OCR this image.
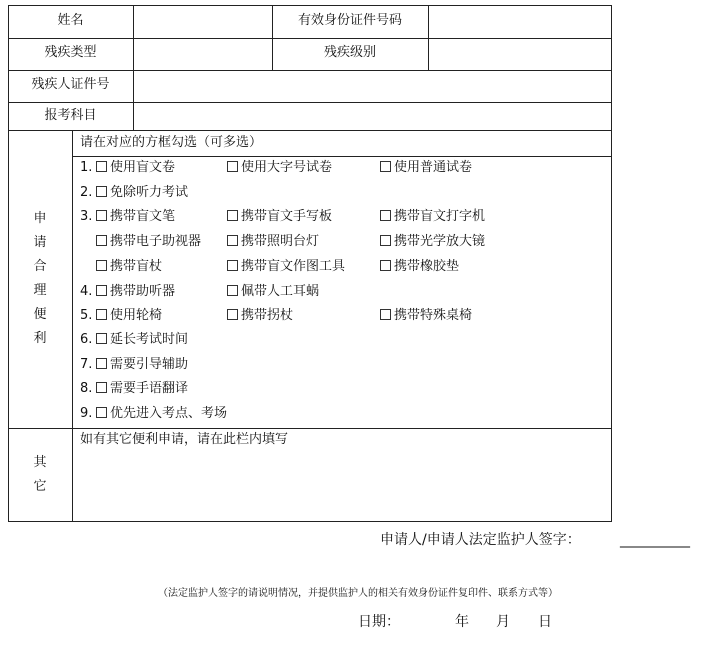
姓名	有效身份证件号码
残疾类型	残疾级别
残疾人证件号
报考科目
申
请
合
理
便
利
请在对应的方框勾选（可多选）
1.	使用盲文卷	使用大字号试卷	使用普通试卷
2.	免除听力考试
3.	携带盲文笔	携带盲文手写板	携带盲文打字机
携带电子助视器	携带照明台灯	携带光学放大镜
携带盲杖	携带盲文作图工具	携带橡胶垫
4.	携带助听器	佩带人工耳蜗
5.	使用轮椅	携带拐杖	携带特殊桌椅
6.	延长考试时间
7.	需要引导辅助
8.	需要手语翻译
9.	优先进入考点、考场
其
它
如有其它便利申请，请在此栏内填写
申请人/申请人法定监护人签字：	__________
（法定监护人签字的请说明情况，并提供监护人的相关有效身份证件复印件、联系方式等）
日期：	年 月 日
